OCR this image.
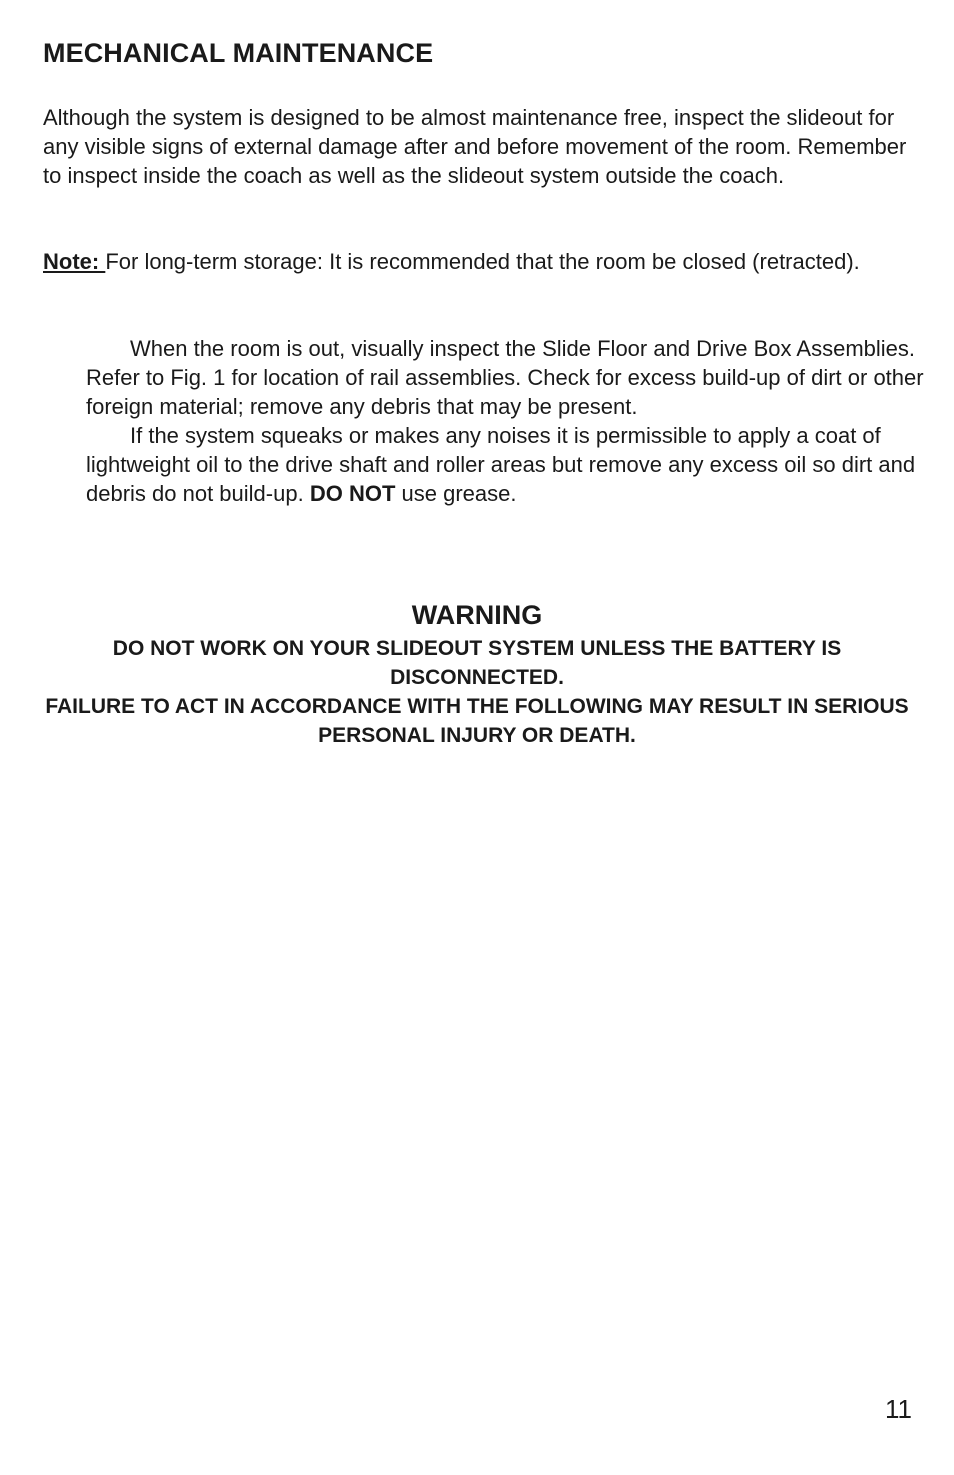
MECHANICAL MAINTENANCE

Although the system is designed to be almost maintenance free, inspect the slideout for any visible signs of external damage after and before movement of the room. Remember to inspect inside the coach as well as the slideout system outside the coach.

Note: For long-term storage: It is recommended that the room be closed (retracted).

When the room is out, visually inspect the Slide Floor and Drive Box Assemblies. Refer to Fig. 1 for location of rail assemblies. Check for excess build-up of dirt or other foreign material; remove any debris that may be present.

If the system squeaks or makes any noises it is permissible to apply a coat of lightweight oil to the drive shaft and roller areas but remove any excess oil so dirt and debris do not build-up. DO NOT use grease.

WARNING

DO NOT WORK ON YOUR SLIDEOUT SYSTEM UNLESS THE BATTERY IS DISCONNECTED.

FAILURE TO ACT IN ACCORDANCE WITH THE FOLLOWING MAY RESULT IN SERIOUS PERSONAL INJURY OR DEATH.

11
